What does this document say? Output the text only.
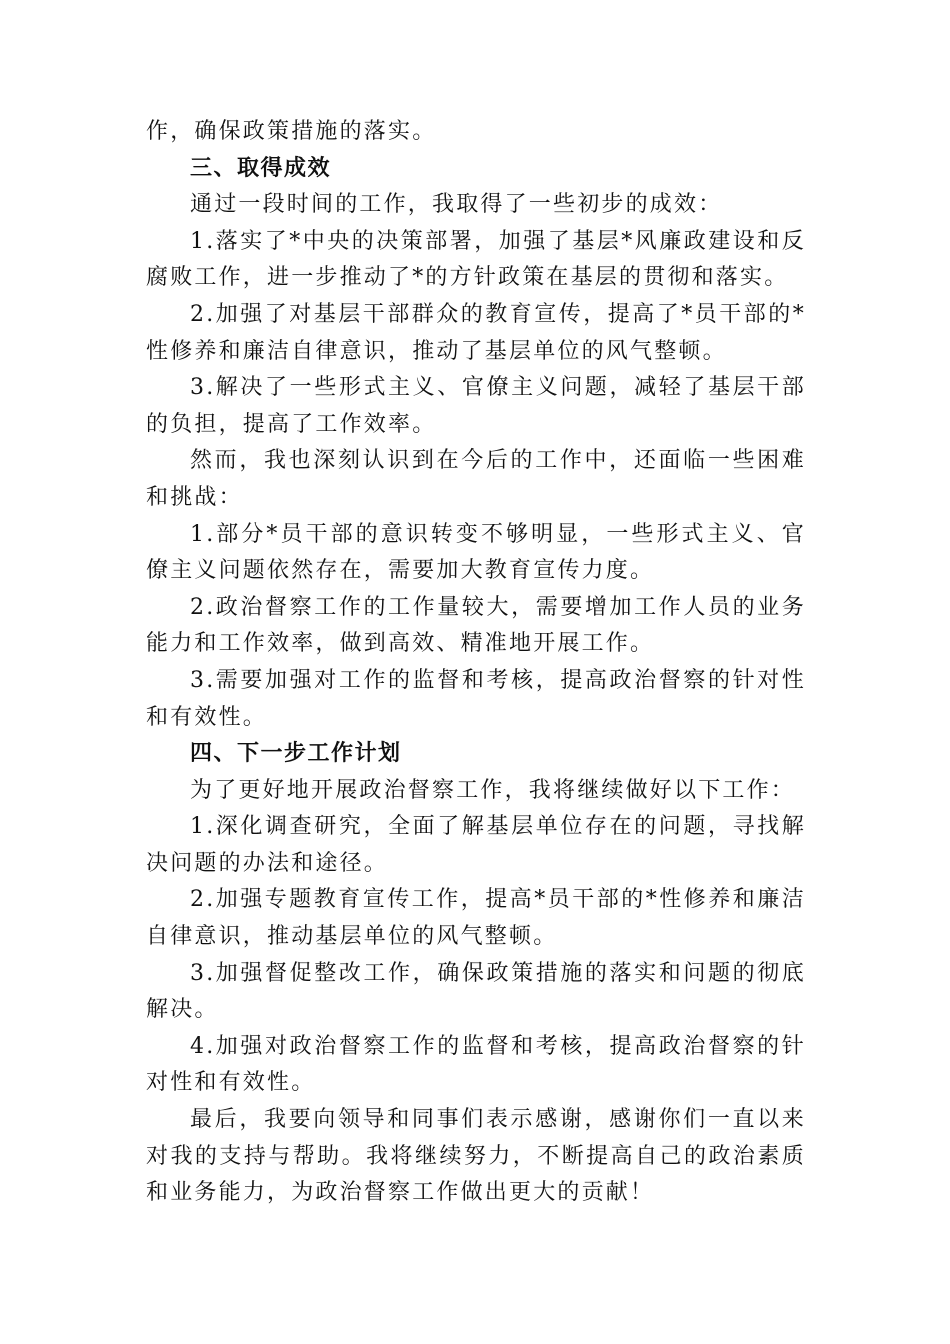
作，确保政策措施的落实。

三、取得成效

通过一段时间的工作，我取得了一些初步的成效：

1.落实了*中央的决策部署，加强了基层*风廉政建设和反腐败工作，进一步推动了*的方针政策在基层的贯彻和落实。

2.加强了对基层干部群众的教育宣传，提高了*员干部的*性修养和廉洁自律意识，推动了基层单位的风气整顿。

3.解决了一些形式主义、官僚主义问题，减轻了基层干部的负担，提高了工作效率。

然而，我也深刻认识到在今后的工作中，还面临一些困难和挑战：

1.部分*员干部的意识转变不够明显，一些形式主义、官僚主义问题依然存在，需要加大教育宣传力度。

2.政治督察工作的工作量较大，需要增加工作人员的业务能力和工作效率，做到高效、精准地开展工作。

3.需要加强对工作的监督和考核，提高政治督察的针对性和有效性。

四、下一步工作计划

为了更好地开展政治督察工作，我将继续做好以下工作：

1.深化调查研究，全面了解基层单位存在的问题，寻找解决问题的办法和途径。

2.加强专题教育宣传工作，提高*员干部的*性修养和廉洁自律意识，推动基层单位的风气整顿。

3.加强督促整改工作，确保政策措施的落实和问题的彻底解决。

4.加强对政治督察工作的监督和考核，提高政治督察的针对性和有效性。

最后，我要向领导和同事们表示感谢，感谢你们一直以来对我的支持与帮助。我将继续努力，不断提高自己的政治素质和业务能力，为政治督察工作做出更大的贡献！
